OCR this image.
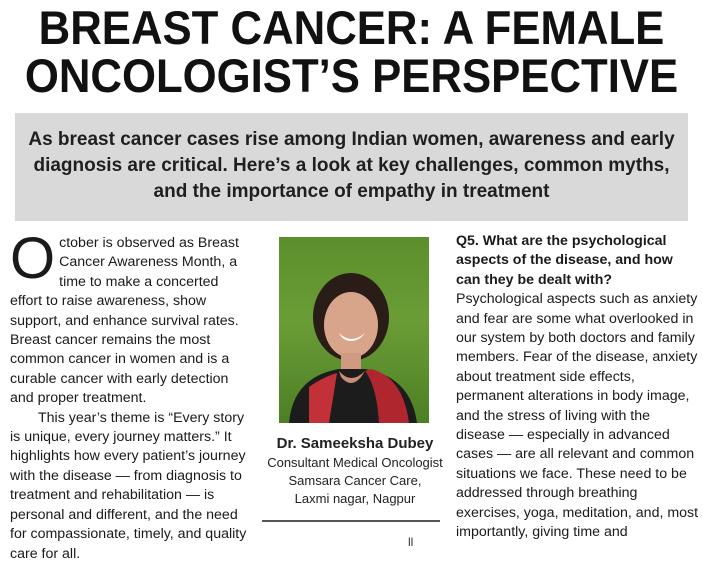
BREAST CANCER: A FEMALE
ONCOLOGIST’S PERSPECTIVE
As breast cancer cases rise among Indian women, awareness and early diagnosis are critical. Here’s a look at key challenges, common myths, and the importance of empathy in treatment
O ctober is observed as Breast Cancer Awareness Month, a time to make a concerted effort to raise awareness, show support, and enhance survival rates. Breast cancer remains the most common cancer in women and is a curable cancer with early detection and proper treatment.

This year’s theme is “Every story is unique, every journey matters.” It highlights how every patient’s journey with the disease — from diagnosis to treatment and rehabilitation — is personal and different, and the need for compassionate, timely, and quality care for all.

Dr. Sameeksha Dubey
Consultant Medical Oncologist
Samsara Cancer Care,
Laxmi nagar, Nagpur

Q5. What are the psychological aspects of the disease, and how can they be dealt with?

Psychological aspects such as anxiety and fear are some what overlooked in our system by both doctors and family members. Fear of the disease, anxiety about treatment side effects, permanent alterations in body image, and the stress of living with the disease — especially in advanced cases — are all relevant and common situations we face. These need to be addressed through breathing exercises, yoga, meditation, and, most importantly, giving time and

ll
